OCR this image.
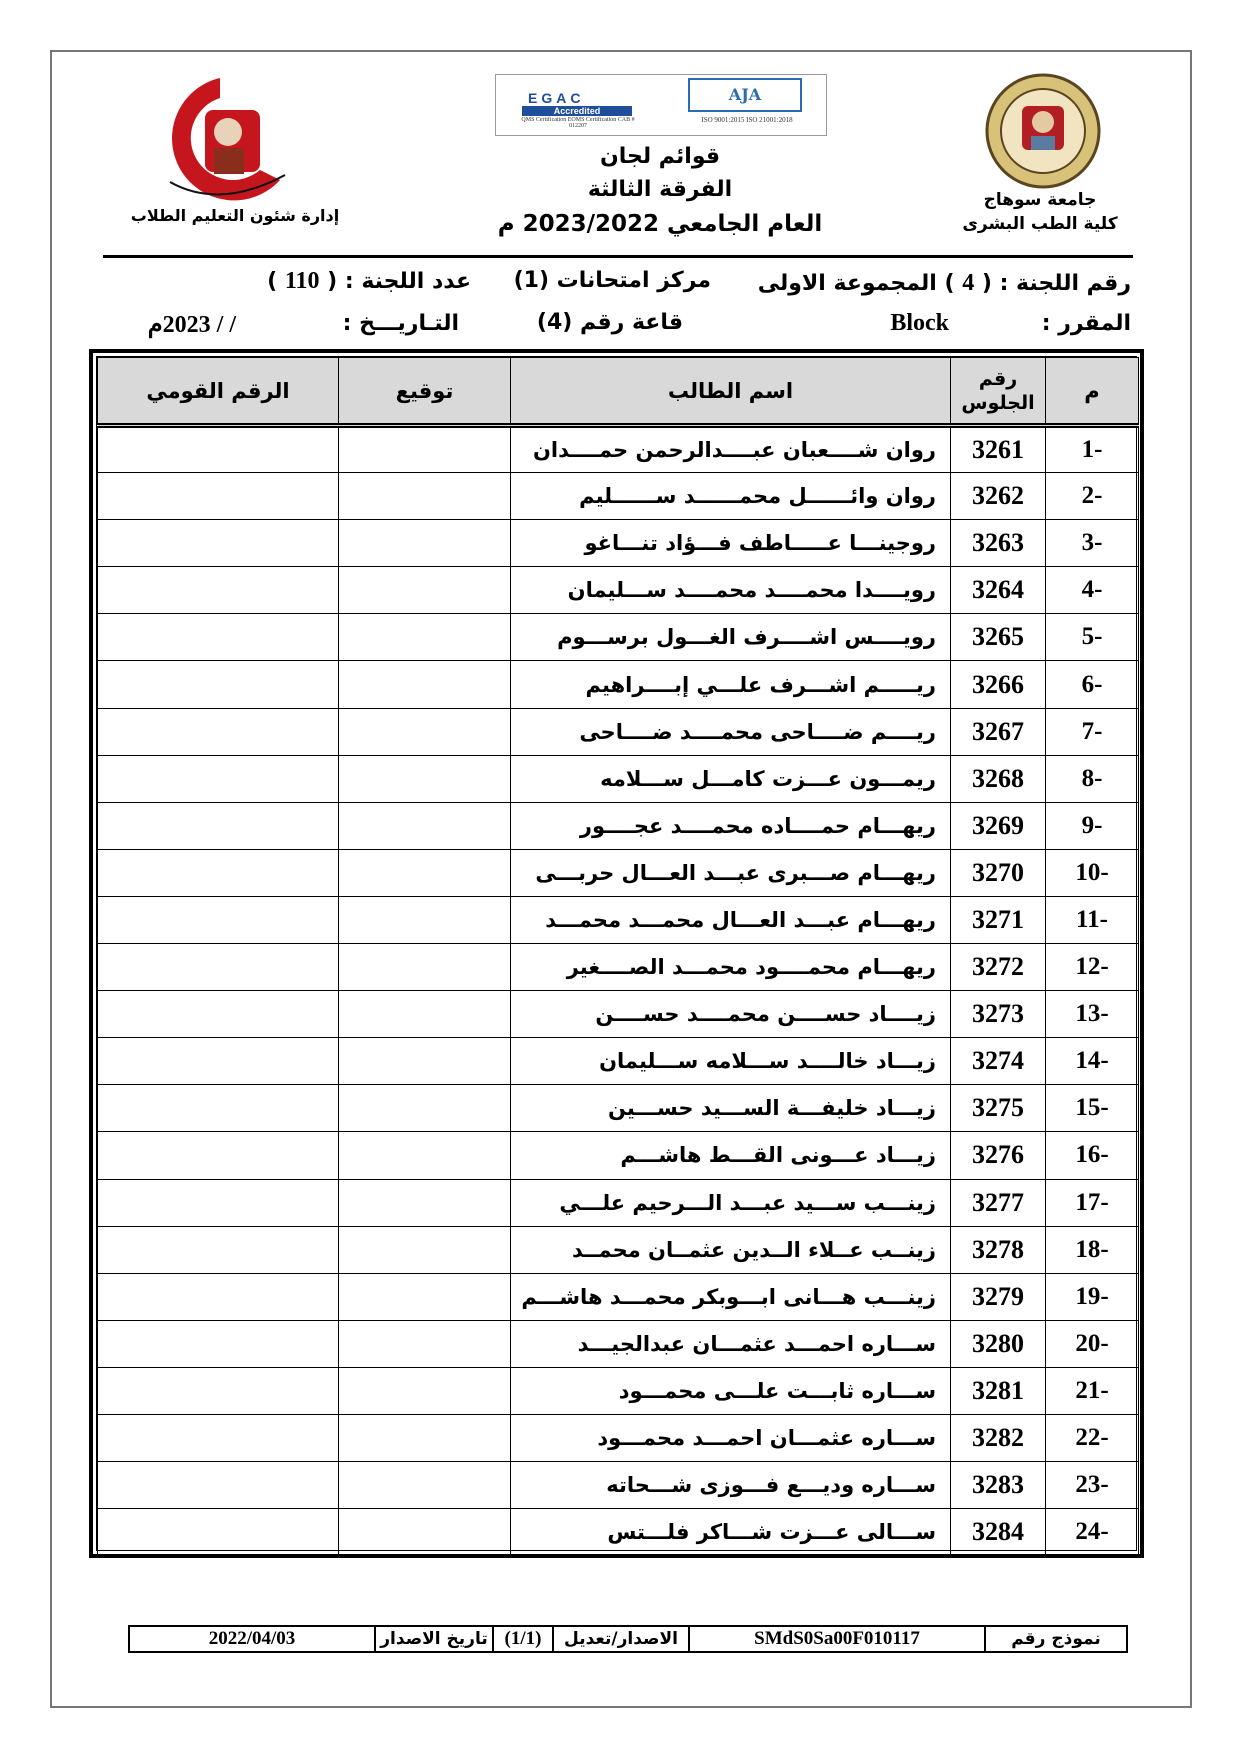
EGAC
Accredited
QMS Certification EOMS Certification CAB # 012207
AJA
ISO 9001:2015 ISO 21001:2018
إدارة شئون التعليم الطلاب
جامعة سوهاج
كلية الطب البشرى
قوائم لجان
الفرقة الثالثة
العام الجامعي 2023/2022 م
رقم اللجنة : ( 4 ) المجموعة الاولى
مركز امتحانات (1)
عدد اللجنة : ( 110 )
المقرر :
Block
قاعة رقم (4)
التـاريـــخ :
/ / 2023م
م	رقم الجلوس	اسم الطالب	توقيع	الرقم القومي
-1	3261	روان شــــعبان عبــــدالرحمن حمــــدان		
-2	3262	روان وائــــــل محمــــــد ســــــليم		
-3	3263	روجينـــا عـــــاطف فـــؤاد تنـــاغو		
-4	3264	رويــــدا محمــــد محمــــد ســـليمان		
-5	3265	رويــــس اشــــرف الغـــول برســـوم		
-6	3266	ريـــــم اشـــرف علـــي إبــــراهيم		
-7	3267	ريــــم ضــــاحى محمــــد ضــــاحى		
-8	3268	ريمـــون عـــزت كامـــل ســـلامه		
-9	3269	ريهـــام حمــــاده محمــــد عجــــور		
-10	3270	ريهـــام صـــبرى عبـــد العـــال حربـــى		
-11	3271	ريهـــام عبـــد العـــال محمـــد محمـــد		
-12	3272	ريهـــام محمــــود محمـــد الصــــغير		
-13	3273	زيــــاد حســــن محمــــد حســــن		
-14	3274	زيـــاد خالــــد ســـلامه ســـليمان		
-15	3275	زيـــاد خليفـــة الســـيد حســـين		
-16	3276	زيـــاد عـــونى القـــط هاشـــم		
-17	3277	زينـــب ســـيد عبـــد الـــرحيم علـــي		
-18	3278	زينــب عــلاء الــدين عثمــان محمــد		
-19	3279	زينـــب هـــانى ابـــوبكر محمـــد هاشـــم		
-20	3280	ســـاره احمـــد عثمـــان عبدالجيـــد		
-21	3281	ســـاره ثابـــت علـــى محمـــود		
-22	3282	ســـاره عثمـــان احمـــد محمـــود		
-23	3283	ســـاره وديـــع فـــوزى شـــحاته		
-24	3284	ســـالى عـــزت شـــاكر فلـــتس		
نموذج رقم
SMdS0Sa00F010117
الاصدار/تعديل
(1/1)
تاريخ الاصدار
2022/04/03
